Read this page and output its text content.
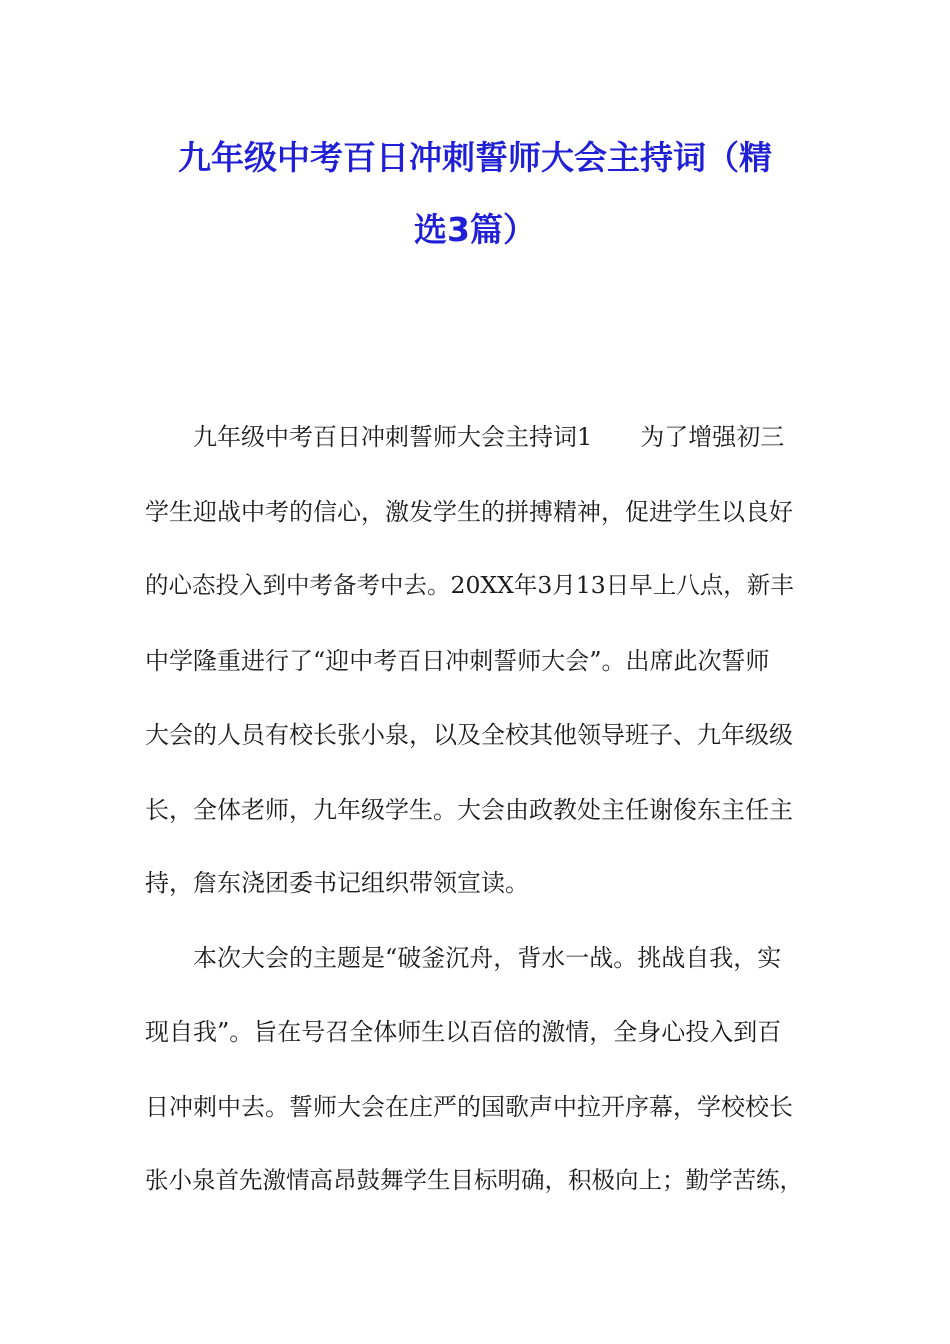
九年级中考百日冲刺誓师大会主持词（精
选3篇）

九年级中考百日冲刺誓师大会主持词1　　为了增强初三

学生迎战中考的信心，激发学生的拼搏精神，促进学生以良好

的心态投入到中考备考中去。20XX年3月13日早上八点，新丰

中学隆重进行了“迎中考百日冲刺誓师大会”。出席此次誓师

大会的人员有校长张小泉，以及全校其他领导班子、九年级级

长，全体老师，九年级学生。大会由政教处主任谢俊东主任主

持，詹东浇团委书记组织带领宣读。

本次大会的主题是“破釜沉舟，背水一战。挑战自我，实

现自我”。旨在号召全体师生以百倍的激情，全身心投入到百

日冲刺中去。誓师大会在庄严的国歌声中拉开序幕，学校校长

张小泉首先激情高昂鼓舞学生目标明确，积极向上；勤学苦练，
